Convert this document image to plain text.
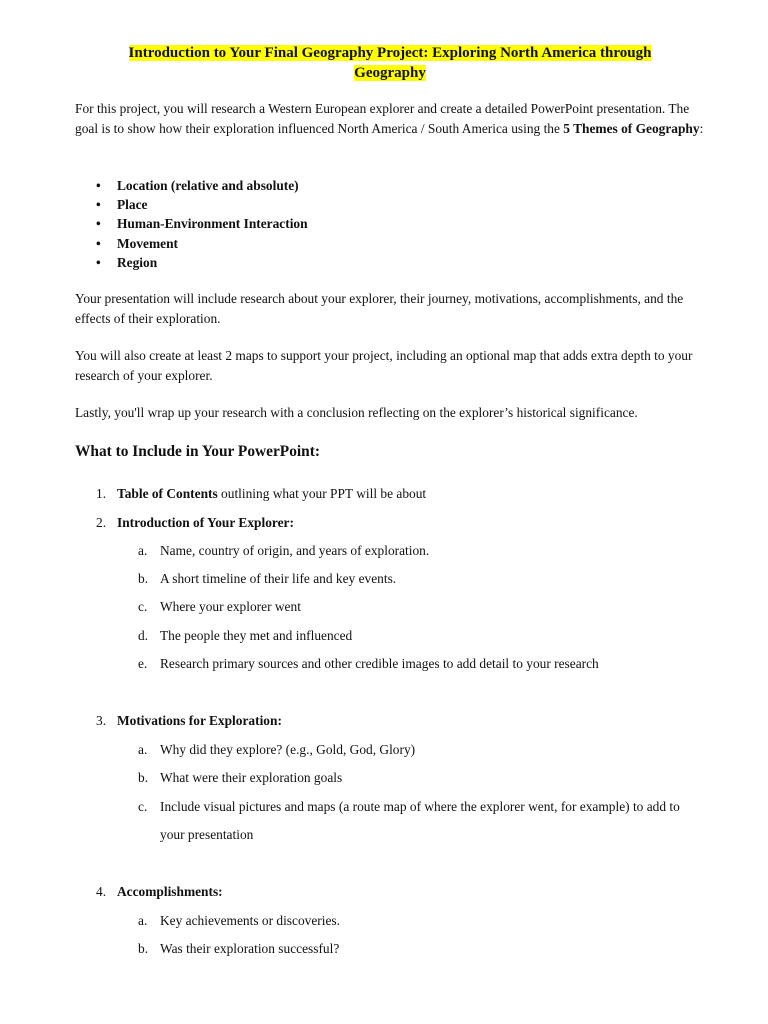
Introduction to Your Final Geography Project: Exploring North America through
Geography

For this project, you will research a Western European explorer and create a detailed PowerPoint presentation. The goal is to show how their exploration influenced North America / South America using the 5 Themes of Geography:

• Location (relative and absolute)
• Place
• Human-Environment Interaction
• Movement
• Region

Your presentation will include research about your explorer, their journey, motivations, accomplishments, and the effects of their exploration.

You will also create at least 2 maps to support your project, including an optional map that adds extra depth to your research of your explorer.

Lastly, you'll wrap up your research with a conclusion reflecting on the explorer’s historical significance.

What to Include in Your PowerPoint:
1. Table of Contents outlining what your PPT will be about
2. Introduction of Your Explorer:
a. Name, country of origin, and years of exploration.
b. A short timeline of their life and key events.
c. Where your explorer went
d. The people they met and influenced
e. Research primary sources and other credible images to add detail to your research
3. Motivations for Exploration:
a. Why did they explore? (e.g., Gold, God, Glory)
b. What were their exploration goals
c. Include visual pictures and maps (a route map of where the explorer went, for example) to add to your presentation
4. Accomplishments:
a. Key achievements or discoveries.
b. Was their exploration successful?
